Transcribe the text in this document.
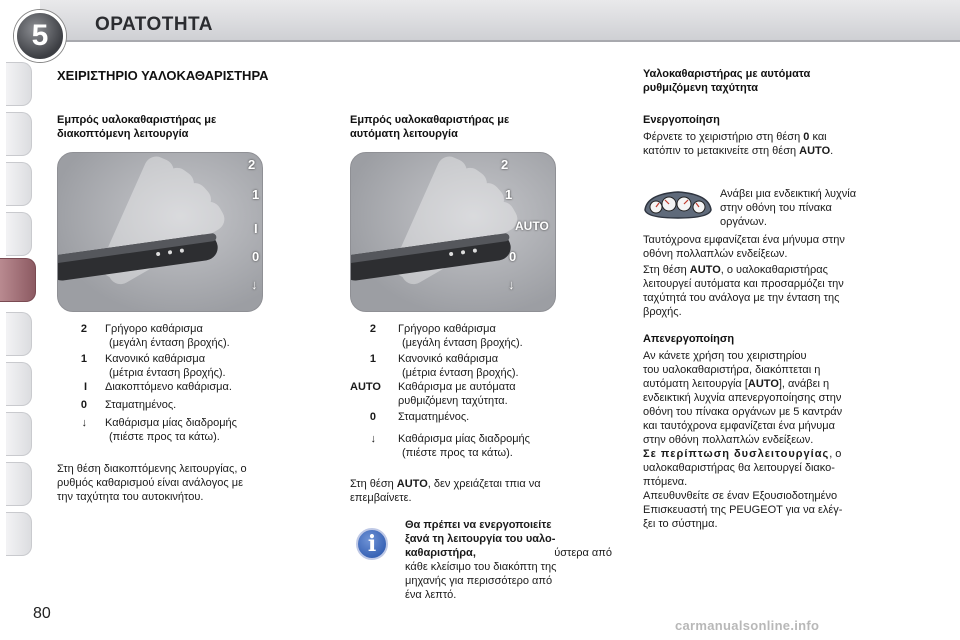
5	ΟΡΑΤΟΤΗΤΑ
80
ΧΕΙΡΙΣΤΗΡΙΟ ΥΑΛΟΚΑΘΑΡΙΣΤΗΡΑ
Εμπρός υαλοκαθαριστήρας με
διακοπτόμενη λειτουργία
2
1
I
0
↓
2 Γρήγορο καθάρισμα
(μεγάλη ένταση βροχής).
1 Κανονικό καθάρισμα
(μέτρια ένταση βροχής).
I Διακοπτόμενο καθάρισμα.
0 Σταματημένος.
↓ Καθάρισμα μίας διαδρομής
(πιέστε προς τα κάτω).
Στη θέση διακοπτόμενης λειτουργίας, ο
ρυθμός καθαρισμού είναι ανάλογος με
την ταχύτητα του αυτοκινήτου.
Εμπρός υαλοκαθαριστήρας με
αυτόματη λειτουργία
2
1
AUTO
0
↓
2 Γρήγορο καθάρισμα
(μεγάλη ένταση βροχής).
1 Κανονικό καθάρισμα
(μέτρια ένταση βροχής).
AUTO	Καθάρισμα με αυτόματα
ρυθμιζόμενη ταχύτητα.
0 Σταματημένος.
↓ Καθάρισμα μίας διαδρομής
(πιέστε προς τα κάτω).
Στη θέση AUTO, δεν χρειάζεται τπια να
επεμβαίνετε.
i
Θα πρέπει να ενεργοποιείτε
ξανά τη λειτουργία του υαλο-
καθαριστήρα,	ύστερα από
κάθε κλείσιμο του διακόπτη της
μηχανής για περισσότερο από
ένα λεπτό.
Υαλοκαθαριστήρας με αυτόματα
ρυθμιζόμενη ταχύτητα
Ενεργοποίηση
Φέρνετε το χειριστήριο στη θέση 0 και
κατόπιν το μετακινείτε στη θέση AUTO.
Ανάβει μια ενδεικτική λυχνία
στην οθόνη του πίνακα
οργάνων.
Ταυτόχρονα εμφανίζεται ένα μήνυμα στην
οθόνη πολλαπλών ενδείξεων.
Στη θέση AUTO, ο υαλοκαθαριστήρας
λειτουργεί αυτόματα και προσαρμόζει την
ταχύτητά του ανάλογα με την ένταση της
βροχής.
Απενεργοποίηση
Αν κάνετε χρήση του χειριστηρίου
του υαλοκαθαριστήρα, διακόπτεται η
αυτόματη λειτουργία [AUTO], ανάβει η
ενδεικτική λυχνία απενεργοποίησης στην
οθόνη του πίνακα οργάνων με 5 καντράν
και ταυτόχρονα εμφανίζεται ένα μήνυμα
στην οθόνη πολλαπλών ενδείξεων.
Σε περίπτωση δυσλειτουργίας, ο
υαλοκαθαριστήρας θα λειτουργεί διακο-
πτόμενα.
Απευθυνθείτε σε έναν Εξουσιοδοτημένο
Επισκευαστή της PEUGEOT για να ελέγ-
ξει το σύστημα.
carmanualsonline.info
